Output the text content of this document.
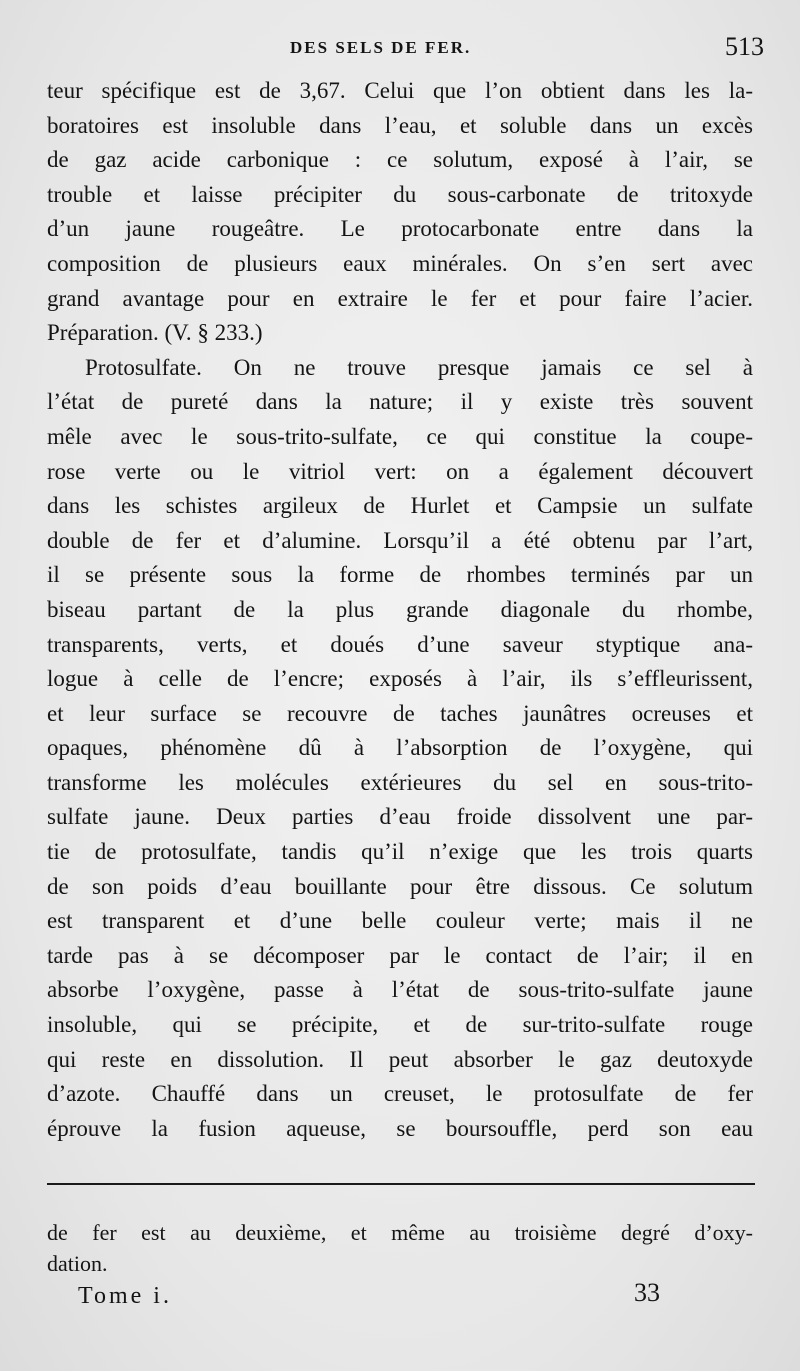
DES SELS DE FER.	513
teur spécifique est de 3,67. Celui que l’on obtient dans les la-
boratoires est insoluble dans l’eau, et soluble dans un excès
de gaz acide carbonique : ce solutum, exposé à l’air, se
trouble et laisse précipiter du sous-carbonate de tritoxyde
d’un jaune rougeâtre. Le protocarbonate entre dans la
composition de plusieurs eaux minérales. On s’en sert avec
grand avantage pour en extraire le fer et pour faire l’acier.
Préparation. (V. § 233.)
Protosulfate. On ne trouve presque jamais ce sel à
l’état de pureté dans la nature; il y existe très souvent
mêle avec le sous-trito-sulfate, ce qui constitue la coupe-
rose verte ou le vitriol vert: on a également découvert
dans les schistes argileux de Hurlet et Campsie un sulfate
double de fer et d’alumine. Lorsqu’il a été obtenu par l’art,
il se présente sous la forme de rhombes terminés par un
biseau partant de la plus grande diagonale du rhombe,
transparents, verts, et doués d’une saveur styptique ana-
logue à celle de l’encre; exposés à l’air, ils s’effleurissent,
et leur surface se recouvre de taches jaunâtres ocreuses et
opaques, phénomène dû à l’absorption de l’oxygène, qui
transforme les molécules extérieures du sel en sous-trito-
sulfate jaune. Deux parties d’eau froide dissolvent une par-
tie de protosulfate, tandis qu’il n’exige que les trois quarts
de son poids d’eau bouillante pour être dissous. Ce solutum
est transparent et d’une belle couleur verte; mais il ne
tarde pas à se décomposer par le contact de l’air; il en
absorbe l’oxygène, passe à l’état de sous-trito-sulfate jaune
insoluble, qui se précipite, et de sur-trito-sulfate rouge
qui reste en dissolution. Il peut absorber le gaz deutoxyde
d’azote. Chauffé dans un creuset, le protosulfate de fer
éprouve la fusion aqueuse, se boursouffle, perd son eau
de fer est au deuxième, et même au troisième degré d’oxy-
dation.
Tome i.	33
